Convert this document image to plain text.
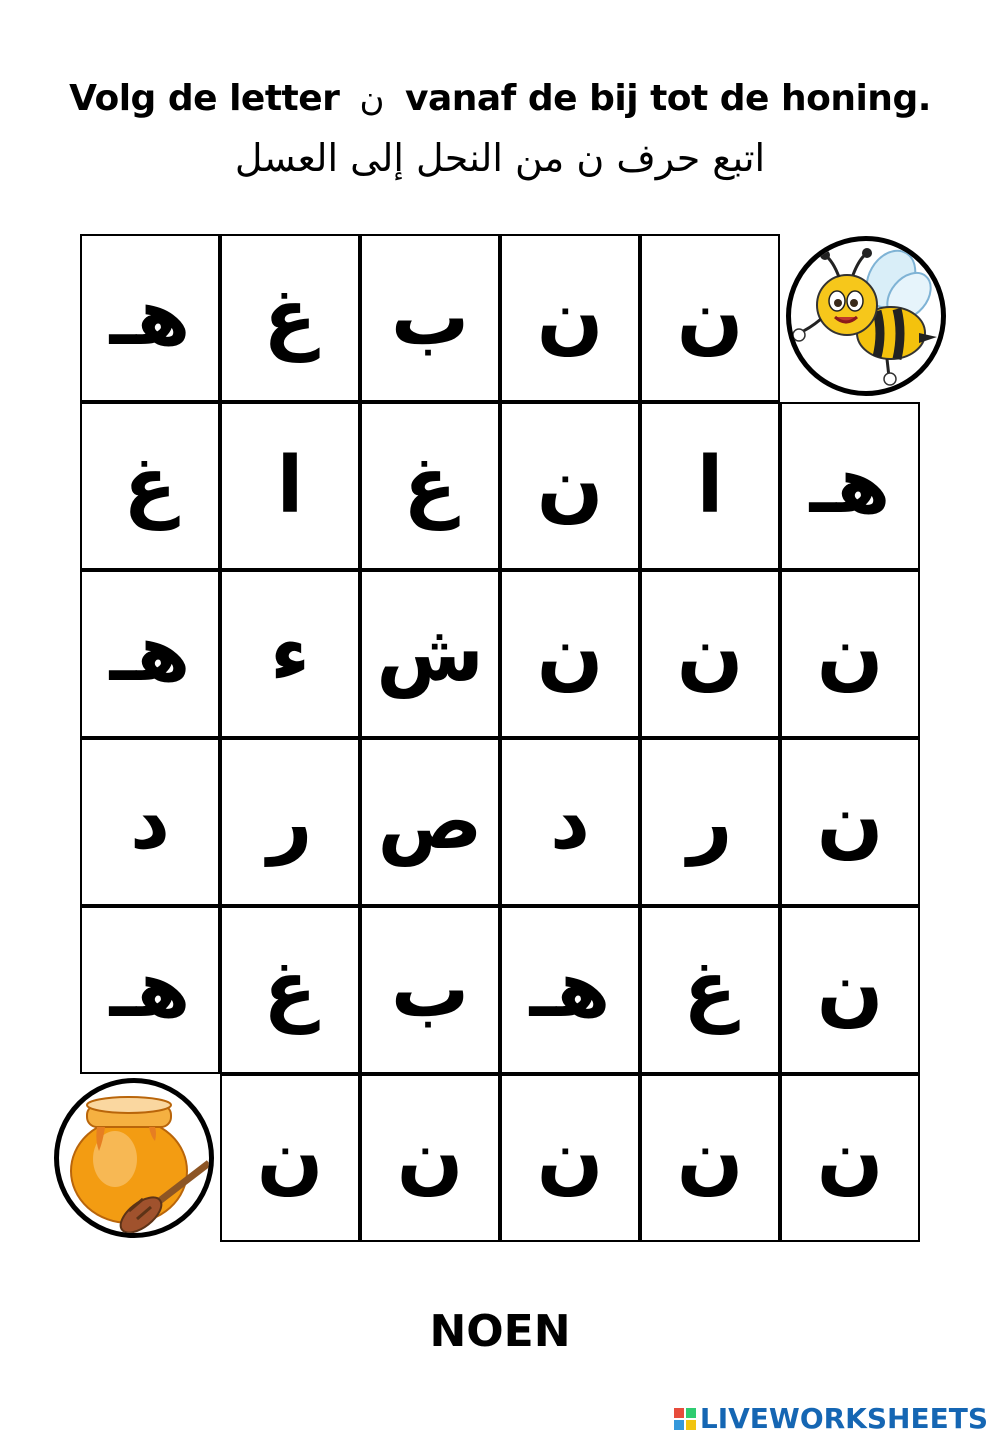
Volg de letter ن vanaf de bij tot de honing.
اتبع حرف ن من النحل إلى العسل
هـ غ ب ن ن
غ	ا	غ	ن	ا	هـ
هـ	ء ش ن ن ن
د	ر ص د	ر	ن
هـ غ ب هـ غ	ن
ن ن ن ن ن
NOEN
LIVEWORKSHEETS
